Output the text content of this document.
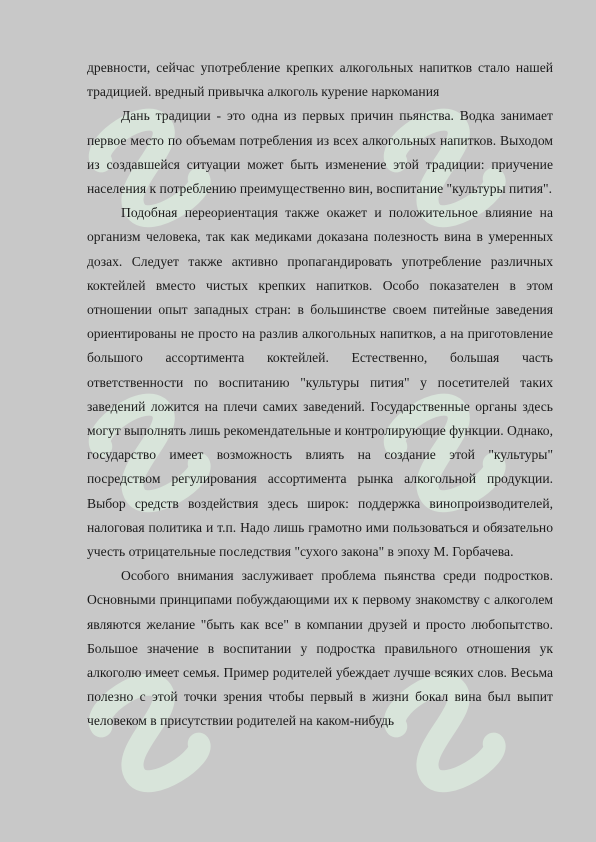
древности, сейчас употребление крепких алкогольных напитков стало нашей традицией. вредный привычка алкоголь курение наркомания

Дань традиции - это одна из первых причин пьянства. Водка занимает первое место по объемам потребления из всех алкогольных напитков. Выходом из создавшейся ситуации может быть изменение этой традиции: приучение населения к потреблению преимущественно вин, воспитание "культуры пития".

Подобная переориентация также окажет и положительное влияние на организм человека, так как медиками доказана полезность вина в умеренных дозах. Следует также активно пропагандировать употребление различных коктейлей вместо чистых крепких напитков. Особо показателен в этом отношении опыт западных стран: в большинстве своем питейные заведения ориентированы не просто на разлив алкогольных напитков, а на приготовление большого ассортимента коктейлей. Естественно, большая часть ответственности по воспитанию "культуры пития" у посетителей таких заведений ложится на плечи самих заведений. Государственные органы здесь могут выполнять лишь рекомендательные и контролирующие функции. Однако, государство имеет возможность влиять на создание этой "культуры" посредством регулирования ассортимента рынка алкогольной продукции. Выбор средств воздействия здесь широк: поддержка винопроизводителей, налоговая политика и т.п. Надо лишь грамотно ими пользоваться и обязательно учесть отрицательные последствия "сухого закона" в эпоху М. Горбачева.

Особого внимания заслуживает проблема пьянства среди подростков. Основными принципами побуждающими их к первому знакомству с алкоголем являются желание "быть как все" в компании друзей и просто любопытство. Большое значение в воспитании у подростка правильного отношения ук алкоголю имеет семья. Пример родителей убеждает лучше всяких слов. Весьма полезно с этой точки зрения чтобы первый в жизни бокал вина был выпит человеком в присутствии родителей на каком-нибудь
